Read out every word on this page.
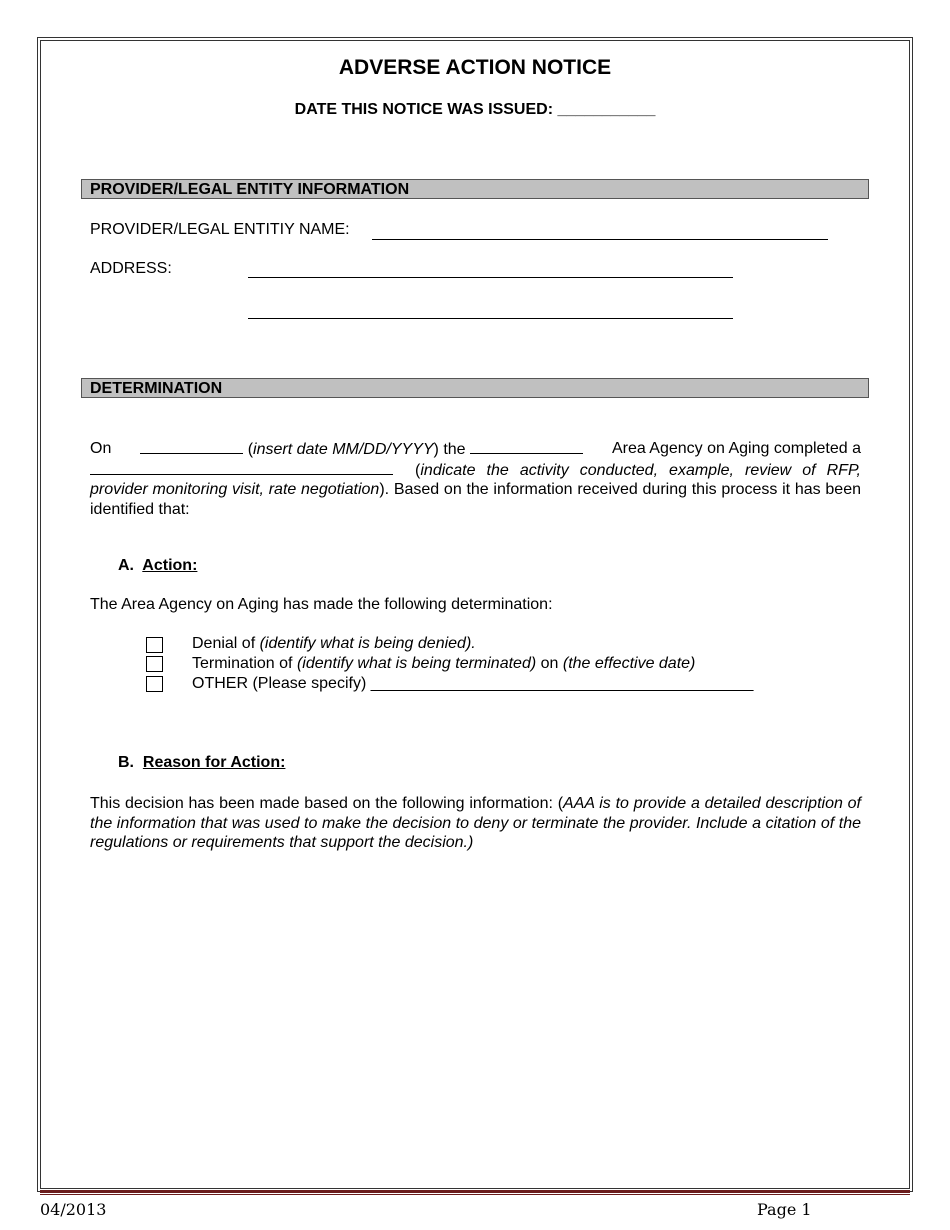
ADVERSE ACTION NOTICE
DATE THIS NOTICE WAS ISSUED: ___________
PROVIDER/LEGAL ENTITY INFORMATION
PROVIDER/LEGAL ENTITIY NAME:
ADDRESS:
DETERMINATION
On	(insert date MM/DD/YYYY) the	Area Agency on Aging completed a
(indicate the activity conducted, example, review of RFP, provider monitoring visit, rate negotiation). Based on the information received during this process it has been identified that:
A. Action:
The Area Agency on Aging has made the following determination:
Denial of (identify what is being denied).
Termination of (identify what is being terminated) on (the effective date)
OTHER (Please specify) ___________________________________________
B. Reason for Action:
This decision has been made based on the following information: (AAA is to provide a detailed description of the information that was used to make the decision to deny or terminate the provider. Include a citation of the regulations or requirements that support the decision.)
04/2013	Page 1
